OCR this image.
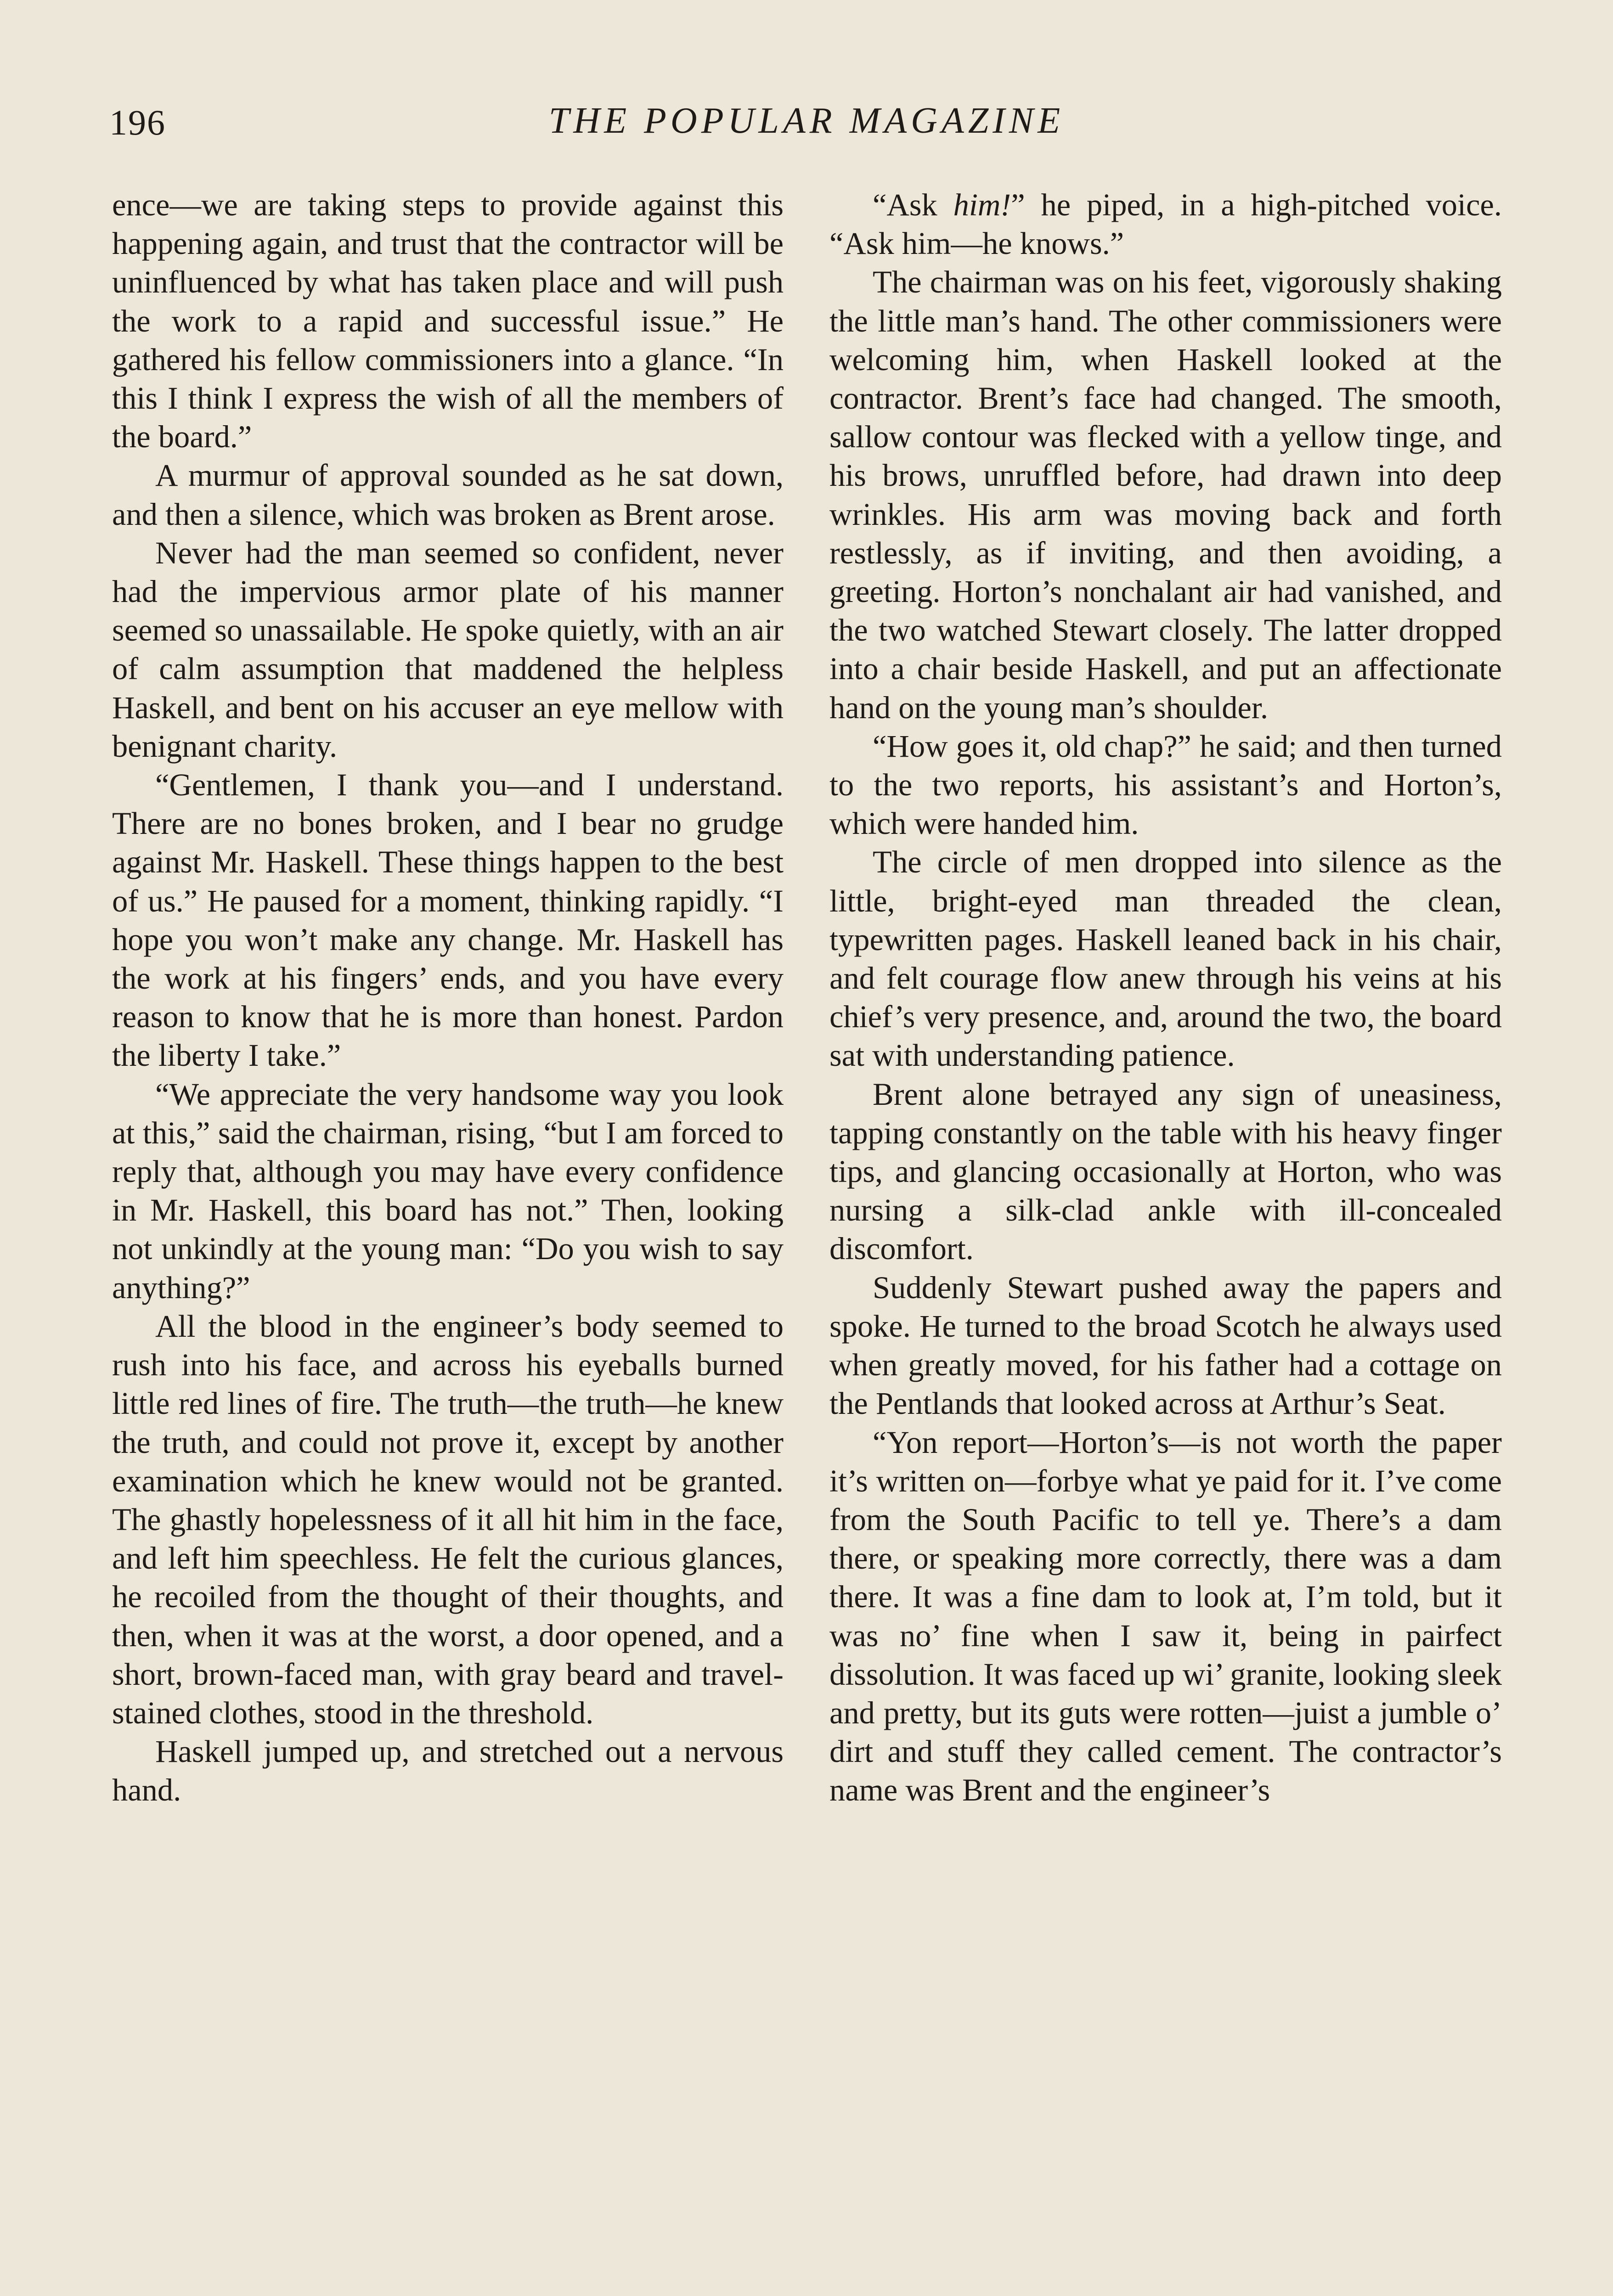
196	THE POPULAR MAGAZINE

ence—we are taking steps to provide against this happening again, and trust that the contractor will be uninfluenced by what has taken place and will push the work to a rapid and successful issue.” He gathered his fellow commissioners into a glance. “In this I think I express the wish of all the members of the board.”

A murmur of approval sounded as he sat down, and then a silence, which was broken as Brent arose.

Never had the man seemed so confident, never had the impervious armor plate of his manner seemed so unassailable. He spoke quietly, with an air of calm assumption that maddened the helpless Haskell, and bent on his accuser an eye mellow with benignant charity.

“Gentlemen, I thank you—and I understand. There are no bones broken, and I bear no grudge against Mr. Haskell. These things happen to the best of us.” He paused for a moment, thinking rapidly. “I hope you won’t make any change. Mr. Haskell has the work at his fingers’ ends, and you have every reason to know that he is more than honest. Pardon the liberty I take.”

“We appreciate the very handsome way you look at this,” said the chairman, rising, “but I am forced to reply that, although you may have every confidence in Mr. Haskell, this board has not.” Then, looking not unkindly at the young man: “Do you wish to say anything?”

All the blood in the engineer’s body seemed to rush into his face, and across his eyeballs burned little red lines of fire. The truth—the truth—he knew the truth, and could not prove it, except by another examination which he knew would not be granted. The ghastly hopelessness of it all hit him in the face, and left him speechless. He felt the curious glances, he recoiled from the thought of their thoughts, and then, when it was at the worst, a door opened, and a short, brown-faced man, with gray beard and travel-stained clothes, stood in the threshold.

Haskell jumped up, and stretched out a nervous hand.

“Ask him!” he piped, in a high-pitched voice. “Ask him—he knows.”

The chairman was on his feet, vigorously shaking the little man’s hand. The other commissioners were welcoming him, when Haskell looked at the contractor. Brent’s face had changed. The smooth, sallow contour was flecked with a yellow tinge, and his brows, unruffled before, had drawn into deep wrinkles. His arm was moving back and forth restlessly, as if inviting, and then avoiding, a greeting. Horton’s nonchalant air had vanished, and the two watched Stewart closely. The latter dropped into a chair beside Haskell, and put an affectionate hand on the young man’s shoulder.

“How goes it, old chap?” he said; and then turned to the two reports, his assistant’s and Horton’s, which were handed him.

The circle of men dropped into silence as the little, bright-eyed man threaded the clean, typewritten pages. Haskell leaned back in his chair, and felt courage flow anew through his veins at his chief’s very presence, and, around the two, the board sat with understanding patience.

Brent alone betrayed any sign of uneasiness, tapping constantly on the table with his heavy finger tips, and glancing occasionally at Horton, who was nursing a silk-clad ankle with ill-concealed discomfort.

Suddenly Stewart pushed away the papers and spoke. He turned to the broad Scotch he always used when greatly moved, for his father had a cottage on the Pentlands that looked across at Arthur’s Seat.

“Yon report—Horton’s—is not worth the paper it’s written on—forbye what ye paid for it. I’ve come from the South Pacific to tell ye. There’s a dam there, or speaking more correctly, there was a dam there. It was a fine dam to look at, I’m told, but it was no’ fine when I saw it, being in pairfect dissolution. It was faced up wi’ granite, looking sleek and pretty, but its guts were rotten—juist a jumble o’ dirt and stuff they called cement. The contractor’s name was Brent and the engineer’s
